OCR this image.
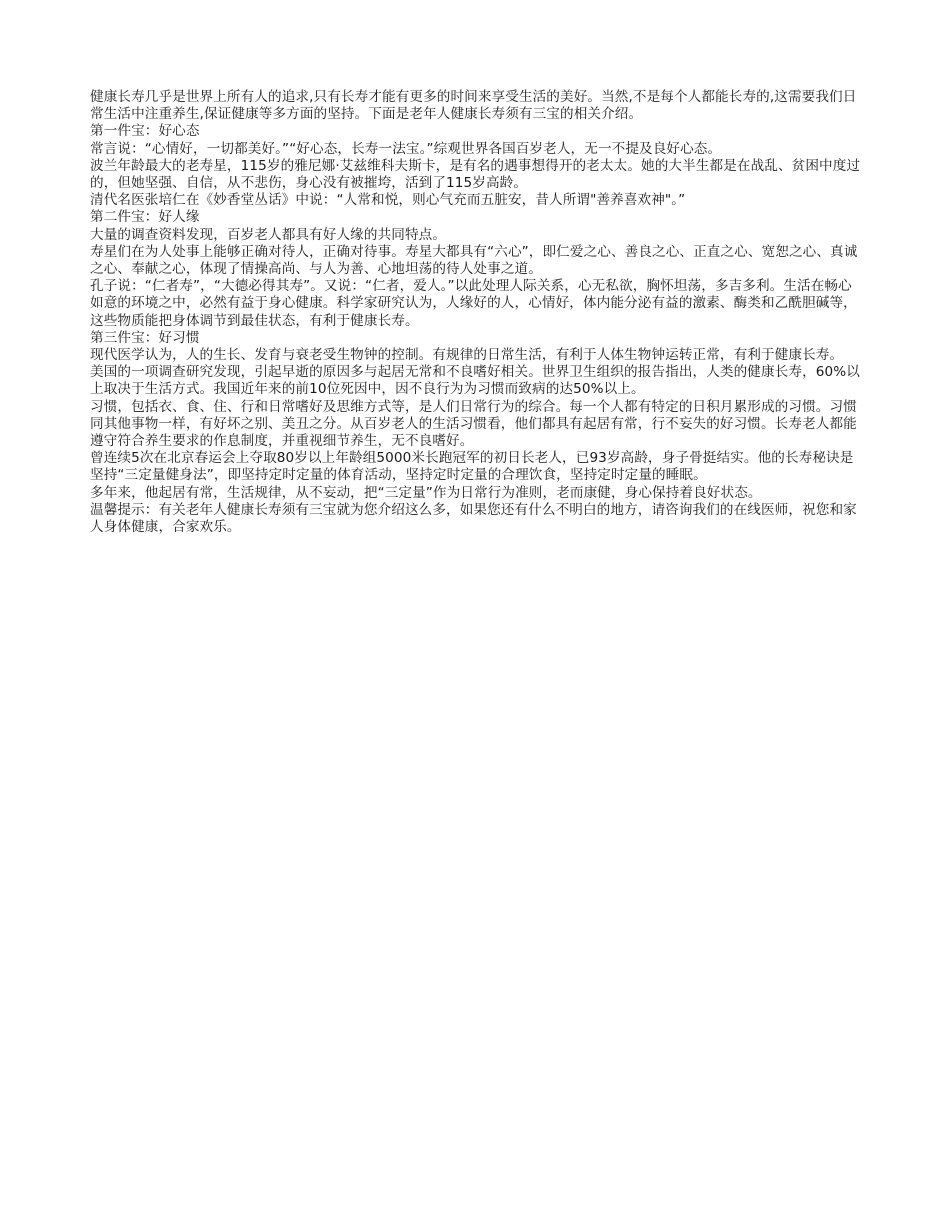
健康长寿几乎是世界上所有人的追求,只有长寿才能有更多的时间来享受生活的美好。当然,不是每个人都能长寿的,这需要我们日常生活中注重养生,保证健康等多方面的坚持。下面是老年人健康长寿须有三宝的相关介绍。

第一件宝：好心态

常言说：“心情好，一切都美好。”“好心态，长寿一法宝。”综观世界各国百岁老人，无一不提及良好心态。

波兰年龄最大的老寿星，115岁的雅尼娜·艾兹维科夫斯卡，是有名的遇事想得开的老太太。她的大半生都是在战乱、贫困中度过的，但她坚强、自信，从不悲伤，身心没有被摧垮，活到了115岁高龄。

清代名医张培仁在《妙香堂丛话》中说：“人常和悦，则心气充而五脏安，昔人所谓"善养喜欢神"。”

第二件宝：好人缘

大量的调查资料发现，百岁老人都具有好人缘的共同特点。

寿星们在为人处事上能够正确对待人，正确对待事。寿星大都具有“六心”，即仁爱之心、善良之心、正直之心、宽恕之心、真诚之心、奉献之心，体现了情操高尚、与人为善、心地坦荡的待人处事之道。

孔子说：“仁者寿”，“大德必得其寿”。又说：“仁者，爱人。”以此处理人际关系，心无私欲，胸怀坦荡，多吉多利。生活在畅心如意的环境之中，必然有益于身心健康。科学家研究认为，人缘好的人，心情好，体内能分泌有益的激素、酶类和乙酰胆碱等，这些物质能把身体调节到最佳状态，有利于健康长寿。

第三件宝：好习惯

现代医学认为，人的生长、发育与衰老受生物钟的控制。有规律的日常生活，有利于人体生物钟运转正常，有利于健康长寿。

美国的一项调查研究发现，引起早逝的原因多与起居无常和不良嗜好相关。世界卫生组织的报告指出，人类的健康长寿，60%以上取决于生活方式。我国近年来的前10位死因中，因不良行为为习惯而致病的达50%以上。

习惯，包括衣、食、住、行和日常嗜好及思维方式等，是人们日常行为的综合。每一个人都有特定的日积月累形成的习惯。习惯同其他事物一样，有好坏之别、美丑之分。从百岁老人的生活习惯看，他们都具有起居有常，行不妄失的好习惯。长寿老人都能遵守符合养生要求的作息制度，并重视细节养生，无不良嗜好。

曾连续5次在北京春运会上夺取80岁以上年龄组5000米长跑冠军的初日长老人，已93岁高龄，身子骨挺结实。他的长寿秘诀是坚持“三定量健身法”，即坚持定时定量的体育活动，坚持定时定量的合理饮食，坚持定时定量的睡眠。

多年来，他起居有常，生活规律，从不妄动，把“三定量”作为日常行为准则，老而康健，身心保持着良好状态。

温馨提示：有关老年人健康长寿须有三宝就为您介绍这么多，如果您还有什么不明白的地方，请咨询我们的在线医师，祝您和家人身体健康，合家欢乐。
